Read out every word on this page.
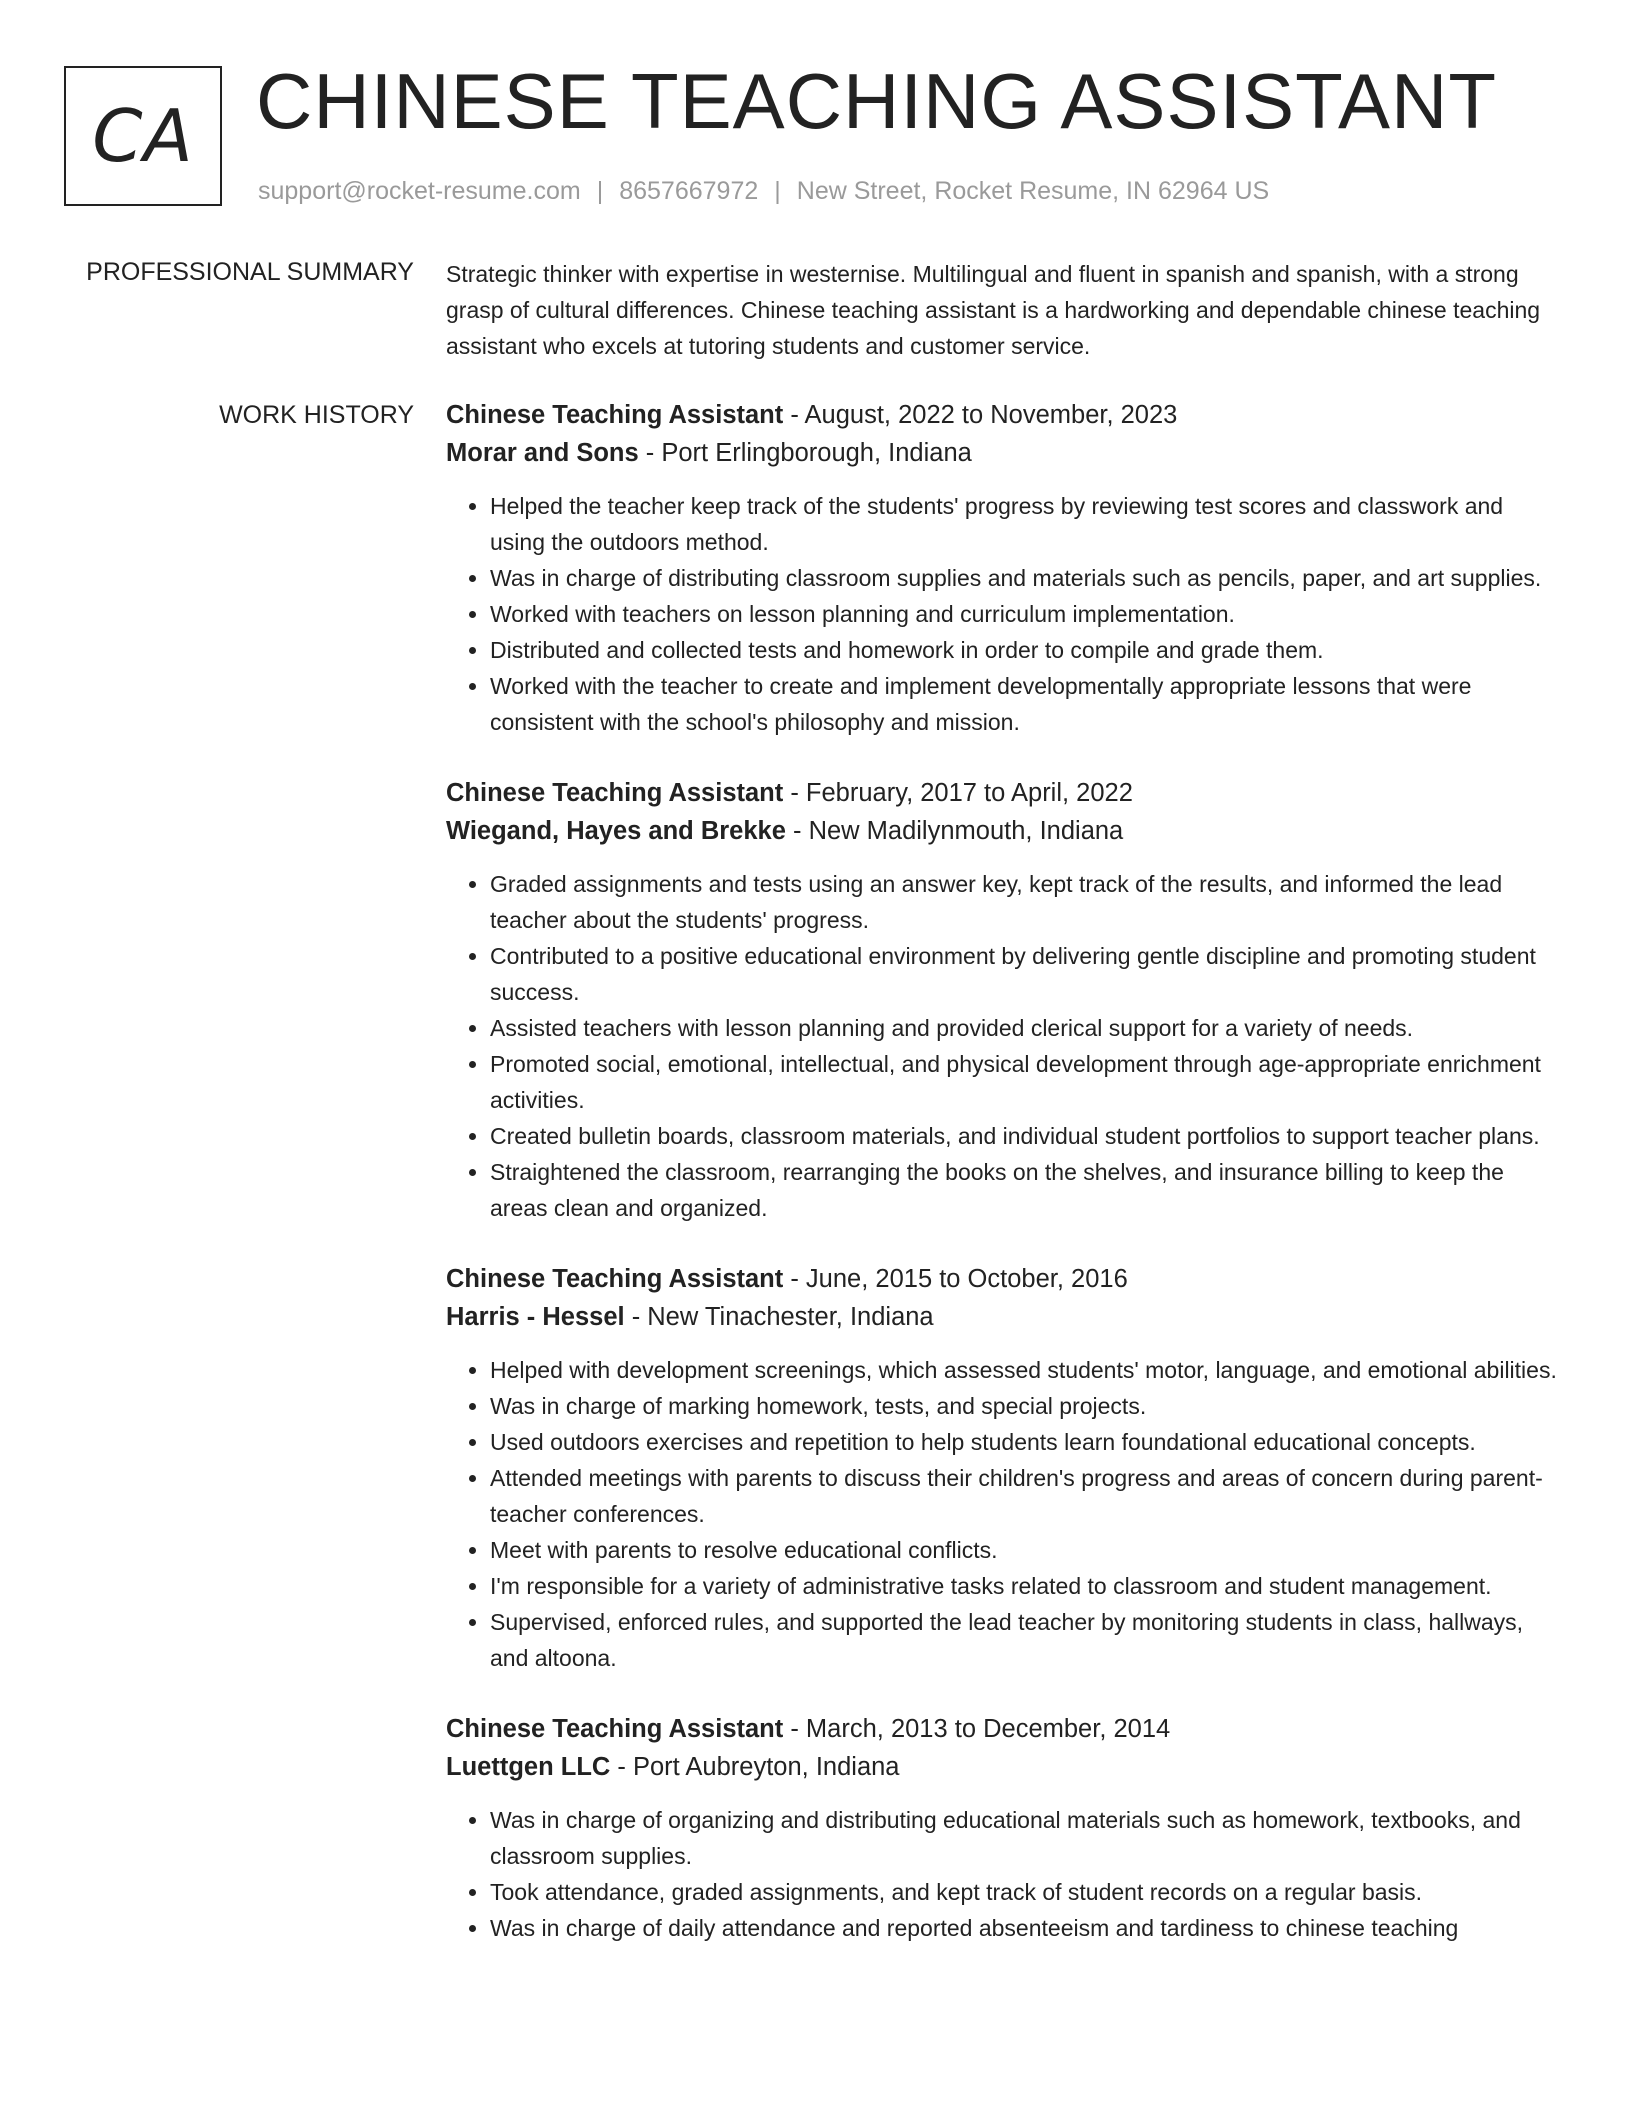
CA CHINESE TEACHING ASSISTANT
support@rocket-resume.com | 8657667972 | New Street, Rocket Resume, IN 62964 US
PROFESSIONAL SUMMARY Strategic thinker with expertise in westernise. Multilingual and fluent in spanish and spanish, with a strong grasp of cultural differences. Chinese teaching assistant is a hardworking and dependable chinese teaching assistant who excels at tutoring students and customer service.

WORK HISTORY Chinese Teaching Assistant - August, 2022 to November, 2023
Morar and Sons - Port Erlingborough, Indiana
• Helped the teacher keep track of the students' progress by reviewing test scores and classwork and using the outdoors method.
• Was in charge of distributing classroom supplies and materials such as pencils, paper, and art supplies.
• Worked with teachers on lesson planning and curriculum implementation.
• Distributed and collected tests and homework in order to compile and grade them.
• Worked with the teacher to create and implement developmentally appropriate lessons that were consistent with the school's philosophy and mission.
Chinese Teaching Assistant - February, 2017 to April, 2022
Wiegand, Hayes and Brekke - New Madilynmouth, Indiana
• Graded assignments and tests using an answer key, kept track of the results, and informed the lead teacher about the students' progress.
• Contributed to a positive educational environment by delivering gentle discipline and promoting student success.
• Assisted teachers with lesson planning and provided clerical support for a variety of needs.
• Promoted social, emotional, intellectual, and physical development through age-appropriate enrichment activities.
• Created bulletin boards, classroom materials, and individual student portfolios to support teacher plans.
• Straightened the classroom, rearranging the books on the shelves, and insurance billing to keep the areas clean and organized.
Chinese Teaching Assistant - June, 2015 to October, 2016
Harris - Hessel - New Tinachester, Indiana
• Helped with development screenings, which assessed students' motor, language, and emotional abilities.
• Was in charge of marking homework, tests, and special projects.
• Used outdoors exercises and repetition to help students learn foundational educational concepts.
• Attended meetings with parents to discuss their children's progress and areas of concern during parent-teacher conferences.
• Meet with parents to resolve educational conflicts.
• I'm responsible for a variety of administrative tasks related to classroom and student management.
• Supervised, enforced rules, and supported the lead teacher by monitoring students in class, hallways, and altoona.
Chinese Teaching Assistant - March, 2013 to December, 2014
Luettgen LLC - Port Aubreyton, Indiana
• Was in charge of organizing and distributing educational materials such as homework, textbooks, and classroom supplies.
• Took attendance, graded assignments, and kept track of student records on a regular basis.
• Was in charge of daily attendance and reported absenteeism and tardiness to chinese teaching
